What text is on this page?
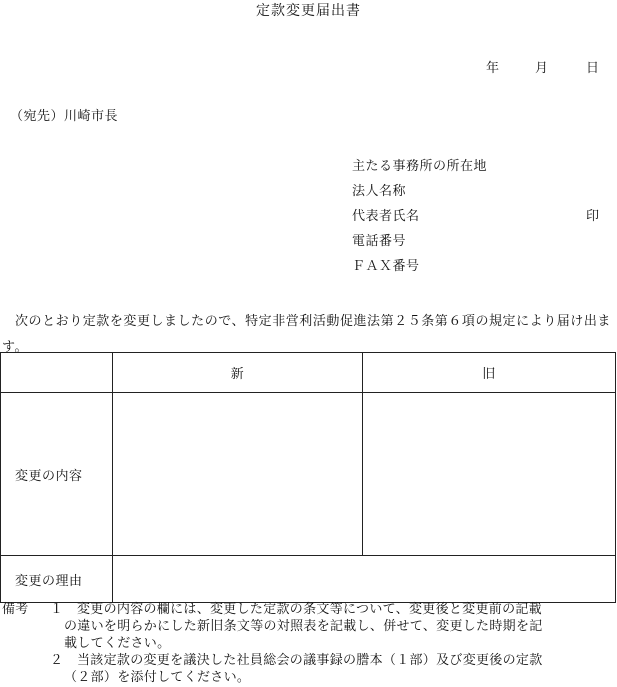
定款変更届出書
年	月	日
（宛先）川崎市長
主たる事務所の所在地
法人名称
代表者氏名	印
電話番号
ＦＡＸ番号
次のとおり定款を変更しましたので、特定非営利活動促進法第２５条第６項の規定により届け出ます。
	新	旧
変更の内容		
変更の理由		
備考 １ 変更の内容の欄には、変更した定款の条文等について、変更後と変更前の記載
の違いを明らかにした新旧条文等の対照表を記載し、併せて、変更した時期を記
載してください。
２ 当該定款の変更を議決した社員総会の議事録の謄本（１部）及び変更後の定款
（２部）を添付してください。
